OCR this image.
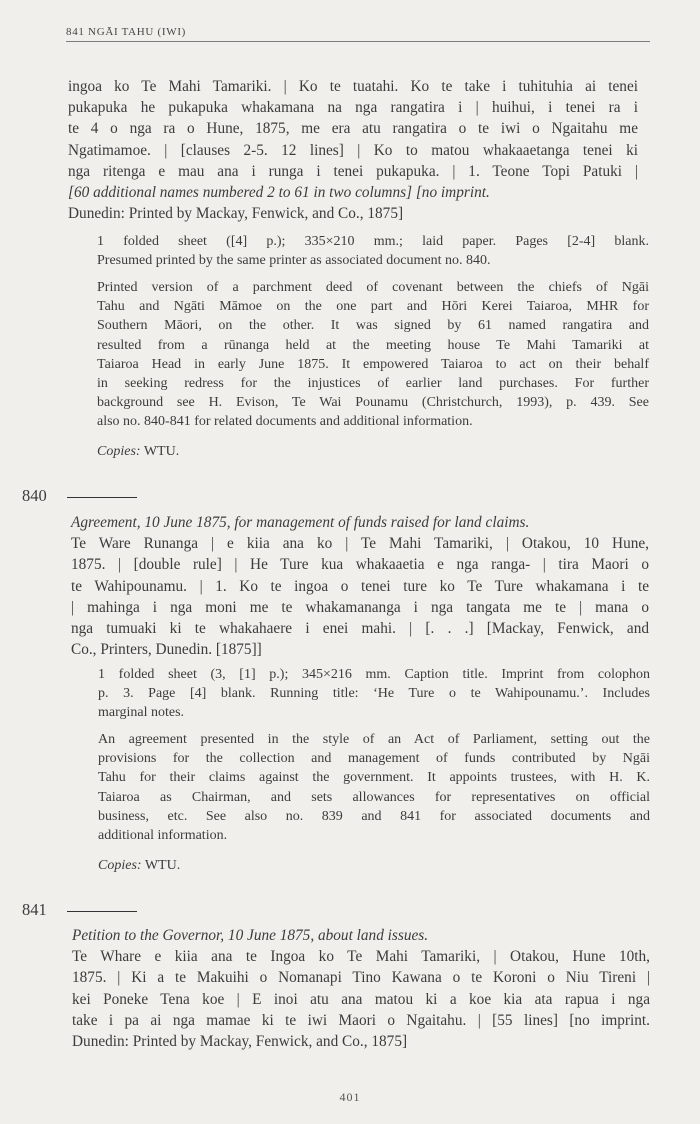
841 NGĀI TAHU (IWI)
ingoa ko Te Mahi Tamariki. | Ko te tuatahi. Ko te take i tuhituhia ai tenei
pukapuka he pukapuka whakamana na nga rangatira i | huihui, i tenei ra i
te 4 o nga ra o Hune, 1875, me era atu rangatira o te iwi o Ngaitahu me
Ngatimamoe. | [clauses 2-5. 12 lines] | Ko to matou whakaaetanga tenei ki
nga ritenga e mau ana i runga i tenei pukapuka. | 1. Teone Topi Patuki |
[60 additional names numbered 2 to 61 in two columns] [no imprint.
Dunedin: Printed by Mackay, Fenwick, and Co., 1875]
1 folded sheet ([4] p.); 335×210 mm.; laid paper. Pages [2-4] blank.
Presumed printed by the same printer as associated document no. 840.
Printed version of a parchment deed of covenant between the chiefs of Ngāi
Tahu and Ngāti Māmoe on the one part and Hōri Kerei Taiaroa, MHR for
Southern Māori, on the other. It was signed by 61 named rangatira and
resulted from a rūnanga held at the meeting house Te Mahi Tamariki at
Taiaroa Head in early June 1875. It empowered Taiaroa to act on their behalf
in seeking redress for the injustices of earlier land purchases. For further
background see H. Evison, Te Wai Pounamu (Christchurch, 1993), p. 439. See
also no. 840-841 for related documents and additional information.
Copies: WTU.
840
Agreement, 10 June 1875, for management of funds raised for land claims.
Te Ware Runanga | e kiia ana ko | Te Mahi Tamariki, | Otakou, 10 Hune,
1875. | [double rule] | He Ture kua whakaaetia e nga ranga- | tira Maori o
te Wahipounamu. | 1. Ko te ingoa o tenei ture ko Te Ture whakamana i te
| mahinga i nga moni me te whakamananga i nga tangata me te | mana o
nga tumuaki ki te whakahaere i enei mahi. | [. . .] [Mackay, Fenwick, and
Co., Printers, Dunedin. [1875]]
1 folded sheet (3, [1] p.); 345×216 mm. Caption title. Imprint from colophon
p. 3. Page [4] blank. Running title: ‘He Ture o te Wahipounamu.’. Includes
marginal notes.
An agreement presented in the style of an Act of Parliament, setting out the
provisions for the collection and management of funds contributed by Ngāi
Tahu for their claims against the government. It appoints trustees, with H. K.
Taiaroa as Chairman, and sets allowances for representatives on official
business, etc. See also no. 839 and 841 for associated documents and
additional information.
Copies: WTU.
841
Petition to the Governor, 10 June 1875, about land issues.
Te Whare e kiia ana te Ingoa ko Te Mahi Tamariki, | Otakou, Hune 10th,
1875. | Ki a te Makuihi o Nomanapi Tino Kawana o te Koroni o Niu Tireni |
kei Poneke Tena koe | E inoi atu ana matou ki a koe kia ata rapua i nga
take i pa ai nga mamae ki te iwi Maori o Ngaitahu. | [55 lines] [no imprint.
Dunedin: Printed by Mackay, Fenwick, and Co., 1875]
401
